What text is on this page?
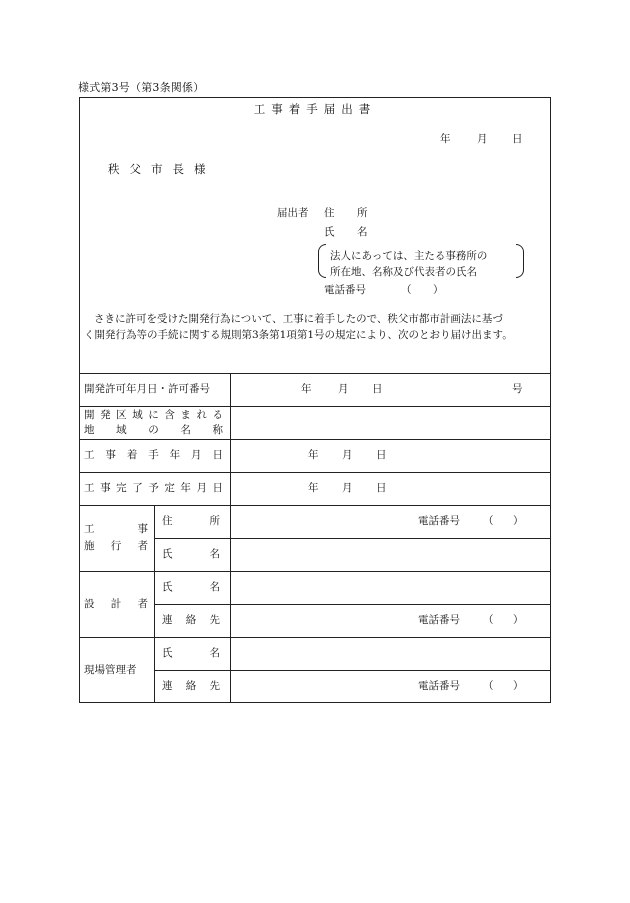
様式第3号（第3条関係）
工事着手届出書
年	月 日
秩父市長様
届出者 住 所
氏 名
法人にあっては、主たる事務所の
所在地、名称及び代表者の氏名
電話番号	（ ）
さきに許可を受けた開発行為について、工事に着手したので、秩父市都市計画法に基づ
く開発行為等の手続に関する規則第3条第1項第1号の規定により、次のとおり届け出ます。
開発許可年月日・許可番号	年	月 日	号
開 発 区 域 に 含 ま れ る
地 域 の 名 称
工 事 着 手 年 月 日	年 月 日
工 事 完 了 予 定 年 月 日	年 月 日
工	事
施 行 者
住	所	電話番号 （ ）
氏	名
設 計 者
氏	名
連 絡 先	電話番号 （ ）
現場管理者
氏	名
連 絡 先	電話番号 （ ）
